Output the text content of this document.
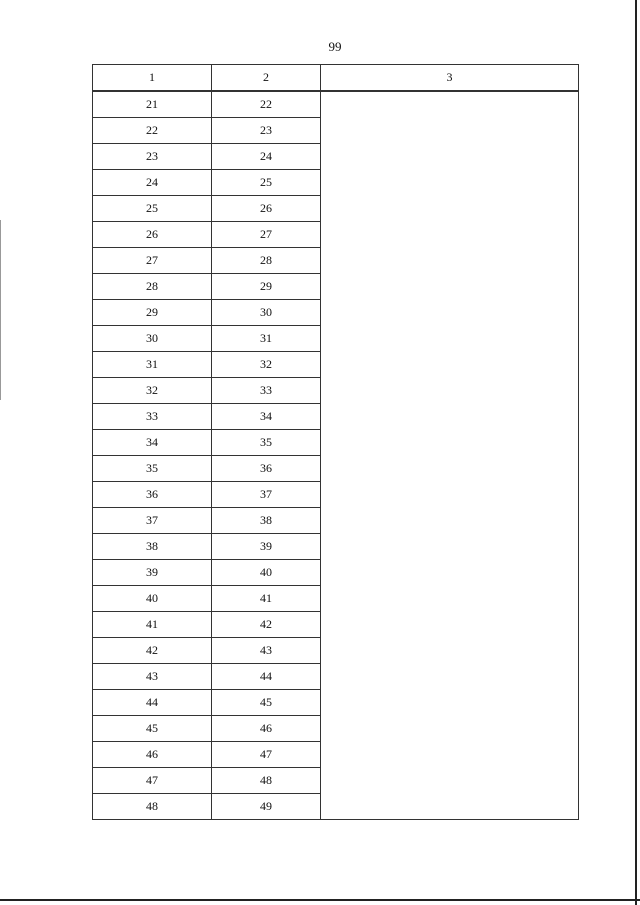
99
1	2	3
21	22	
22	23	
23	24	
24	25	
25	26	
26	27	
27	28	
28	29	
29	30	
30	31	
31	32	
32	33	
33	34	
34	35	
35	36	
36	37	
37	38	
38	39	
39	40	
40	41	
41	42	
42	43	
43	44	
44	45	
45	46	
46	47	
47	48	
48	49	
